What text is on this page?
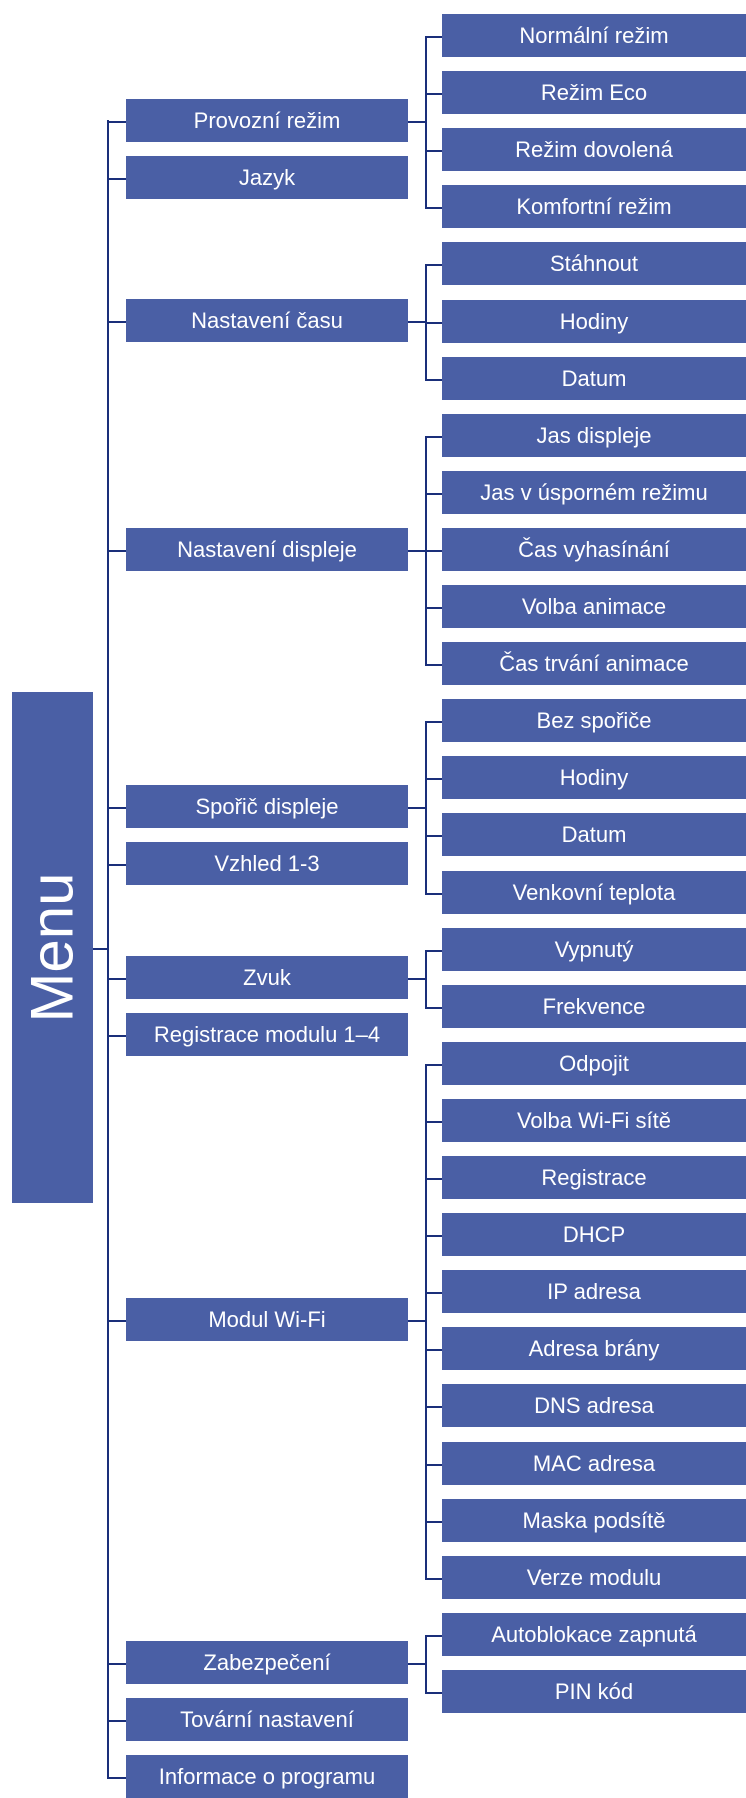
Menu
Provozní režim
Normální režim
Režim Eco
Režim dovolená
Komfortní režim
Jazyk
Nastavení času
Stáhnout
Hodiny
Datum
Nastavení displeje
Jas displeje
Jas v úsporném režimu
Čas vyhasínání
Volba animace
Čas trvání animace
Spořič displeje
Bez spořiče
Hodiny
Datum
Venkovní teplota
Vzhled 1-3
Zvuk
Vypnutý
Frekvence
Registrace modulu 1–4
Modul Wi-Fi
Odpojit
Volba Wi-Fi sítě
Registrace
DHCP
IP adresa
Adresa brány
DNS adresa
MAC adresa
Maska podsítě
Verze modulu
Zabezpečení
Autoblokace zapnutá
PIN kód
Tovární nastavení
Informace o programu
